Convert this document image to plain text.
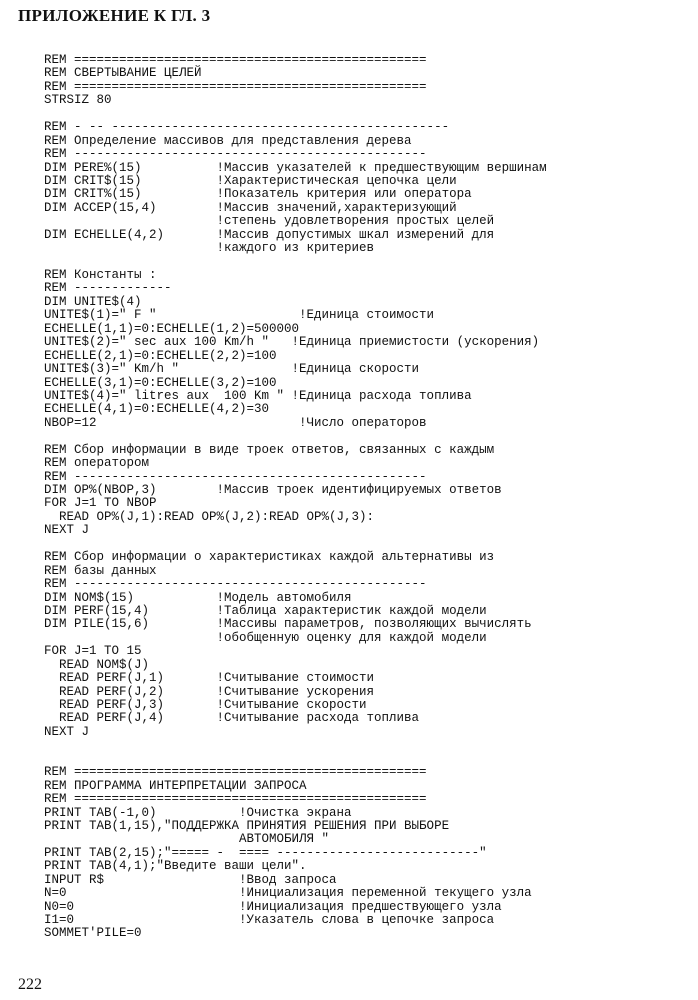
ПРИЛОЖЕНИЕ К ГЛ. 3
REM ===============================================
REM СВЕРТЫВАНИЕ ЦЕЛЕЙ
REM ===============================================
STRSIZ 80
REM - -- ---------------------------------------------
REM Определение массивов для представления дерева
REM -----------------------------------------------
DIM PERE%(15)          !Массив указателей к предшествующим вершинам
DIM CRIT$(15)          !Характеристическая цепочка цели
DIM CRIT%(15)          !Показатель критерия или оператора
DIM ACCEP(15,4)        !Массив значений,характеризующий
!степень удовлетворения простых целей
DIM ECHELLE(4,2)       !Массив допустимых шкал измерений для
!каждого из критериев
REM Константы :
REM -------------
DIM UNITE$(4)
UNITE$(1)=" F "                   !Единица стоимости
ECHELLE(1,1)=0:ECHELLE(1,2)=500000
UNITE$(2)=" sec aux 100 Km/h "   !Единица приемистости (ускорения)
ECHELLE(2,1)=0:ECHELLE(2,2)=100
UNITE$(3)=" Km/h "               !Единица скорости
ECHELLE(3,1)=0:ECHELLE(3,2)=100
UNITE$(4)=" litres aux  100 Km " !Единица расхода топлива
ECHELLE(4,1)=0:ECHELLE(4,2)=30
NBOP=12                           !Число операторов
REM Сбор информации в виде троек ответов, связанных с каждым
REM оператором
REM -----------------------------------------------
DIM OP%(NBOP,3)        !Массив троек идентифицируемых ответов
FOR J=1 TO NBOP
READ OP%(J,1):READ OP%(J,2):READ OP%(J,3):
NEXT J
REM Сбор информации о характеристиках каждой альтернативы из
REM базы данных
REM -----------------------------------------------
DIM NOM$(15)           !Модель автомобиля
DIM PERF(15,4)         !Таблица характеристик каждой модели
DIM PILE(15,6)         !Массивы параметров, позволяющих вычислять
!обобщенную оценку для каждой модели
FOR J=1 TO 15
READ NOM$(J)
READ PERF(J,1)       !Считывание стоимости
READ PERF(J,2)       !Считывание ускорения
READ PERF(J,3)       !Считывание скорости
READ PERF(J,4)       !Считывание расхода топлива
NEXT J
REM ===============================================
REM ПРОГРАММА ИНТЕРПРЕТАЦИИ ЗАПРОСА
REM ===============================================
PRINT TAB(-1,0)           !Очистка экрана
PRINT TAB(1,15),"ПОДДЕРЖКА ПРИНЯТИЯ РЕШЕНИЯ ПРИ ВЫБОРЕ
АВТОМОБИЛЯ "
PRINT TAB(2,15);"===== -  ==== ---------------------------"
PRINT TAB(4,1);"Введите ваши цели".
INPUT R$                  !Ввод запроса
N=0                       !Инициализация переменной текущего узла
N0=0                      !Инициализация предшествующего узла
I1=0                      !Указатель слова в цепочке запроса
SOMMET'PILE=0
222
